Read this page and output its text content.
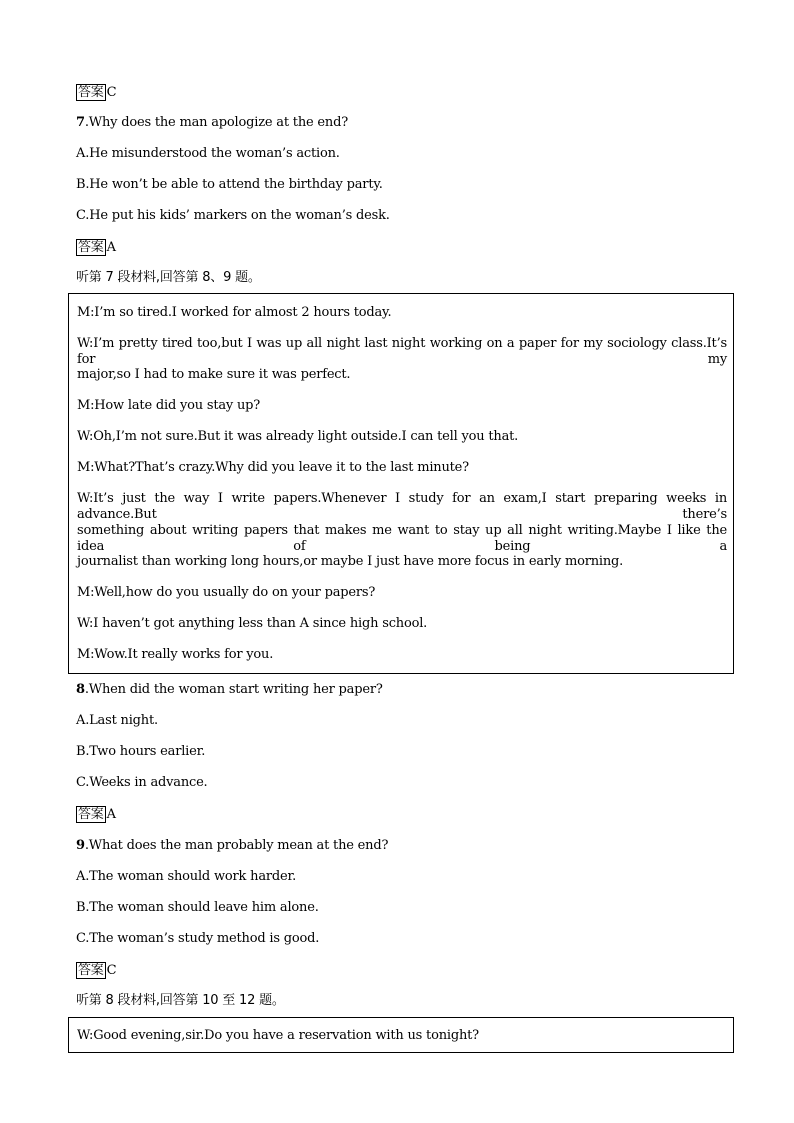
答案 C
7.Why does the man apologize at the end?
A.He misunderstood the woman’s action.
B.He won’t be able to attend the birthday party.
C.He put his kids’ markers on the woman’s desk.
答案 A
听第 7 段材料,回答第 8、9 题。
M:I’m so tired.I worked for almost 2 hours today.
W:I’m pretty tired too,but I was up all night last night working on a paper for my sociology class.It’s for my
major,so I had to make sure it was perfect.
M:How late did you stay up?
W:Oh,I’m not sure.But it was already light outside.I can tell you that.
M:What?That’s crazy.Why did you leave it to the last minute?
W:It’s just the way I write papers.Whenever I study for an exam,I start preparing weeks in advance.But there’s
something about writing papers that makes me want to stay up all night writing.Maybe I like the idea of being a
journalist than working long hours,or maybe I just have more focus in early morning.
M:Well,how do you usually do on your papers?
W:I haven’t got anything less than A since high school.
M:Wow.It really works for you.
8.When did the woman start writing her paper?
A.Last night.
B.Two hours earlier.
C.Weeks in advance.
答案 A
9.What does the man probably mean at the end?
A.The woman should work harder.
B.The woman should leave him alone.
C.The woman’s study method is good.
答案 C
听第 8 段材料,回答第 10 至 12 题。
W:Good evening,sir.Do you have a reservation with us tonight?
